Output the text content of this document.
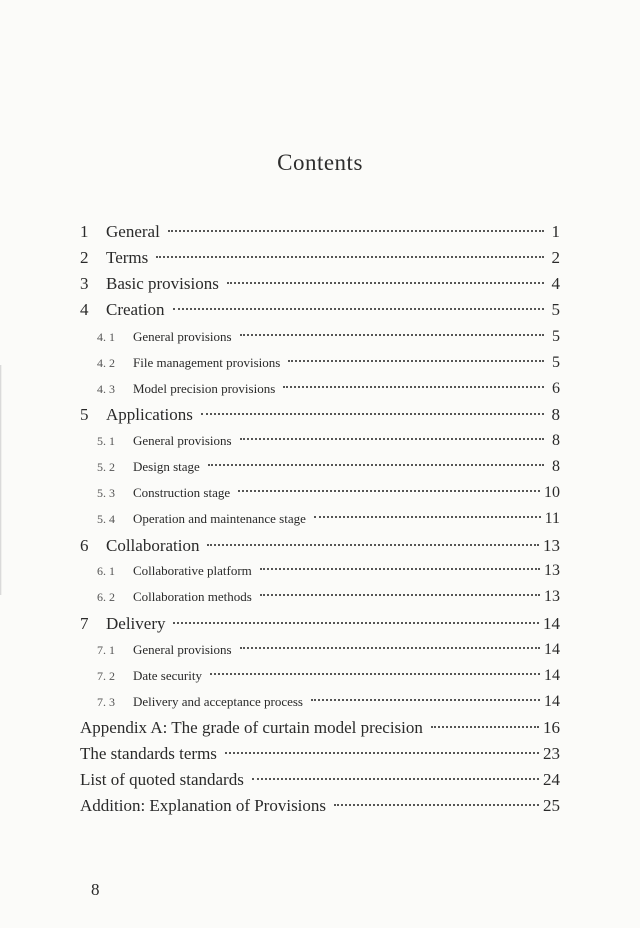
Contents
1	General	1
2	Terms	2
3	Basic provisions	4
4	Creation	5
4. 1	General provisions	5
4. 2	File management provisions	5
4. 3	Model precision provisions	6
5	Applications	8
5. 1	General provisions	8
5. 2	Design stage	8
5. 3	Construction stage	10
5. 4	Operation and maintenance stage	11
6	Collaboration	13
6. 1	Collaborative platform	13
6. 2	Collaboration methods	13
7	Delivery	14
7. 1	General provisions	14
7. 2	Date security	14
7. 3	Delivery and acceptance process	14
Appendix A: The grade of curtain model precision	16
The standards terms	23
List of quoted standards	24
Addition: Explanation of Provisions	25
8
